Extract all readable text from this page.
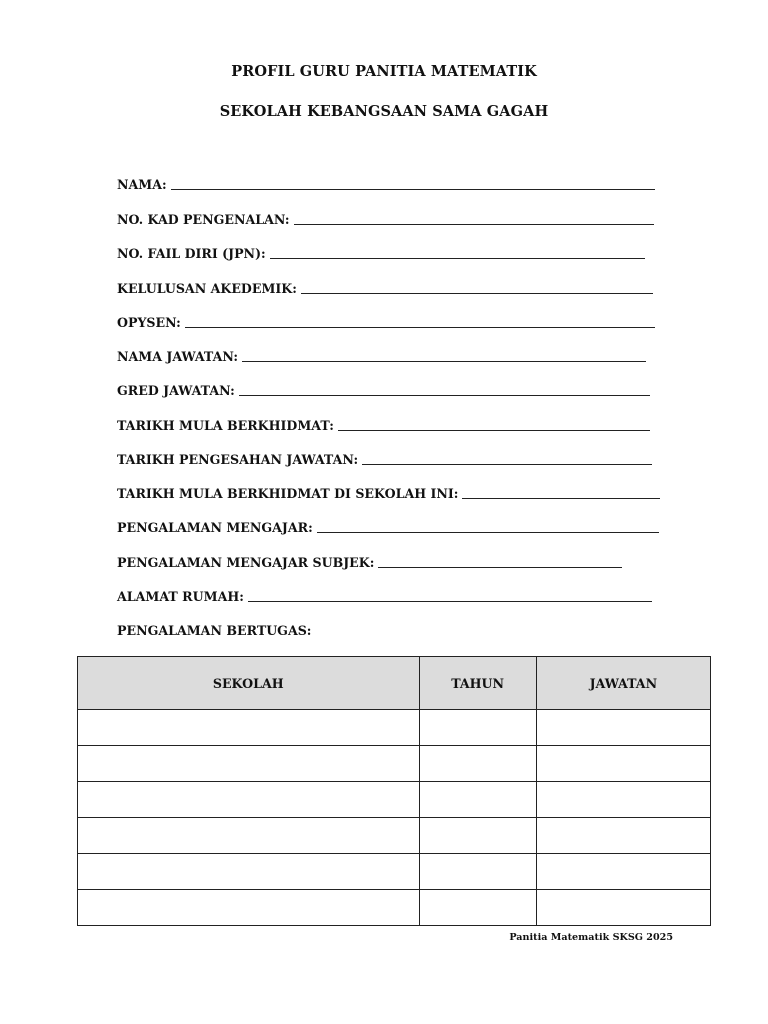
PROFIL GURU PANITIA MATEMATIK
SEKOLAH KEBANGSAAN SAMA GAGAH
NAMA:
NO. KAD PENGENALAN:
NO. FAIL DIRI (JPN):
KELULUSAN AKEDEMIK:
OPYSEN:
NAMA JAWATAN:
GRED JAWATAN:
TARIKH MULA BERKHIDMAT:
TARIKH PENGESAHAN JAWATAN:
TARIKH MULA BERKHIDMAT DI SEKOLAH INI:
PENGALAMAN MENGAJAR:
PENGALAMAN MENGAJAR SUBJEK:
ALAMAT RUMAH:
PENGALAMAN BERTUGAS:
SEKOLAH	TAHUN	JAWATAN

Panitia Matematik SKSG 2025
